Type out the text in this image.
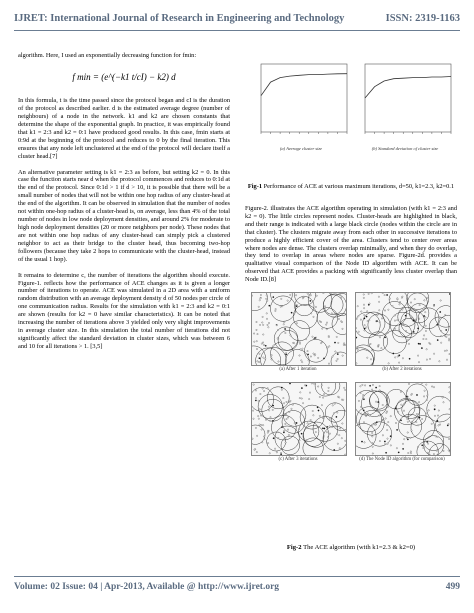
IJRET: International Journal of Research in Engineering and Technology	ISSN: 2319-1163

algorithm. Here, I used an exponentially decreasing function for fmin:

f min = (e^(−k1 t/cI) − k2) d

In this formula, t is the time passed since the protocol began and cI is the duration of the protocol as described earlier. d is the estimated average degree (number of neighbours) of a node in the network. k1 and k2 are chosen constants that determine the shape of the exponential graph. In practice, it was empirically found that k1 = 2:3 and k2 = 0:1 have produced good results. In this case, fmin starts at 0:9d at the beginning of the protocol and reduces to 0 by the final iteration. This ensures that any node left unclustered at the end of the protocol will declare itself a cluster head.[7]

An alternative parameter setting is k1 = 2:3 as before, but setting k2 = 0. In this case the function starts near d when the protocol commences and reduces to 0:1d at the end of the protocol. Since 0:1d > 1 if d > 10, it is possible that there will be a small number of nodes that will not be within one hop radius of any cluster-head at the end of the algorithm. It can be observed in simulation that the number of nodes not within one-hop radius of a cluster-head is, on average, less than 4% of the total number of nodes in low node deployment densities, and around 2% for moderate to high node deployment densities (20 or more neighbors per node). These nodes that are not within one hop radius of any cluster-head can simply pick a clustered neighbor to act as their bridge to the cluster head, thus becoming two-hop followers (because they take 2 hops to communicate with the cluster-head, instead of the usual 1 hop).

It remains to determine c, the number of iterations the algorithm should execute. Figure-1. reflects how the performance of ACE changes as it is given a longer number of iterations to operate. ACE was simulated in a 2D area with a uniform random distribution with an average deployment density d of 50 nodes per circle of one communication radius. Results for the simulation with k1 = 2:3 and k2 = 0:1 are shown (results for k2 = 0 have similar characteristics). It can be noted that increasing the number of iterations above 3 yielded only very slight improvements in average cluster size. In this simulation the total number of iterations did not significantly affect the standard deviation in cluster sizes, which was between 6 and 10 for all iterations > 1. [3,5]

(a) Average cluster size	(b) Standard deviation of cluster size
Fig-1 Performance of ACE at various maximum iterations, d=50, k1=2.3, k2=0.1

Figure-2. illustrates the ACE algorithm operating in simulation (with k1 = 2:3 and k2 = 0). The little circles represent nodes. Cluster-heads are highlighted in black, and their range is indicated with a large black circle (nodes within the circle are in that cluster). The clusters migrate away from each other in successive iterations to produce a highly efficient cover of the area. Clusters tend to center over areas where nodes are dense. The clusters overlap minimally, and when they do overlap, they tend to overlap in areas where nodes are sparse. Figure-2d. provides a qualitative visual comparison of the Node ID algorithm with ACE. It can be observed that ACE provides a packing with significantly less cluster overlap than Node ID.[8]

(a) After 1 iteration	(b) After 2 iterations
(c) After 3 iterations	(d) The Node ID algorithm (for comparison)
Fig-2 The ACE algorithm (with k1=2.3 & k2=0)
Volume: 02 Issue: 04 | Apr-2013, Available @ http://www.ijret.org	499
